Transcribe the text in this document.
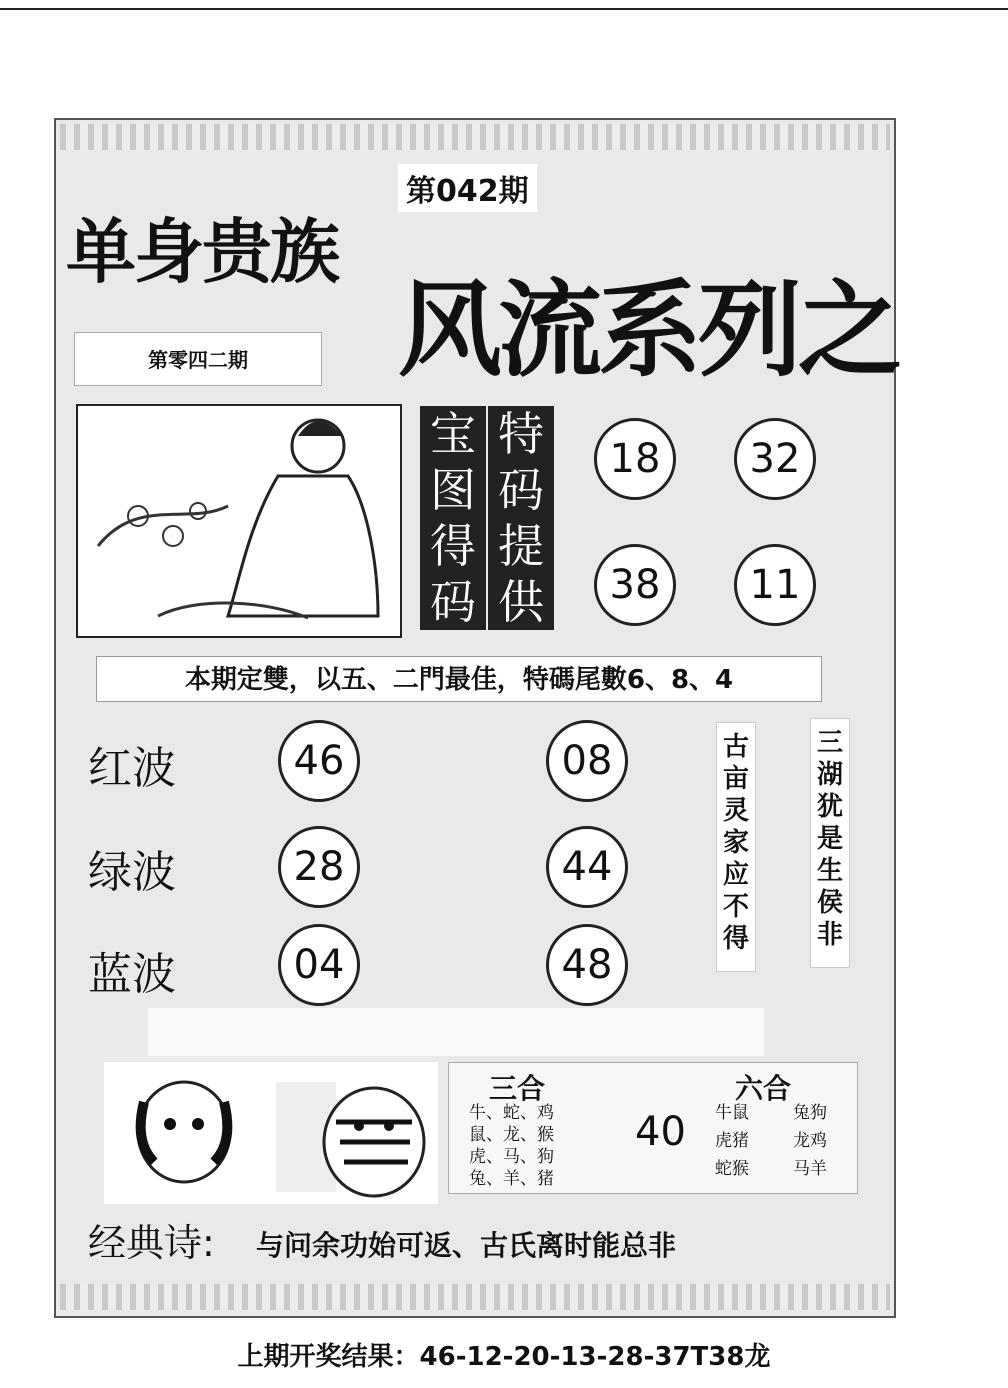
第042期
单身贵族
风流系列之
第零四二期
宝图得码
特码提供
18	32
38	11
本期定雙，以五、二門最佳，特碼尾數6、8、4
红波	46	08
绿波	28	44
蓝波	04	48
古亩灵家应不得
三湖犹是生侯非
三合
牛、蛇、鸡
鼠、龙、猴
虎、马、狗
兔、羊、猪
40
六合
牛鼠	兔狗
虎猪	龙鸡
蛇猴	马羊
经典诗: 与问余功始可返、古氏离时能总非
上期开奖结果：46-12-20-13-28-37T38龙
